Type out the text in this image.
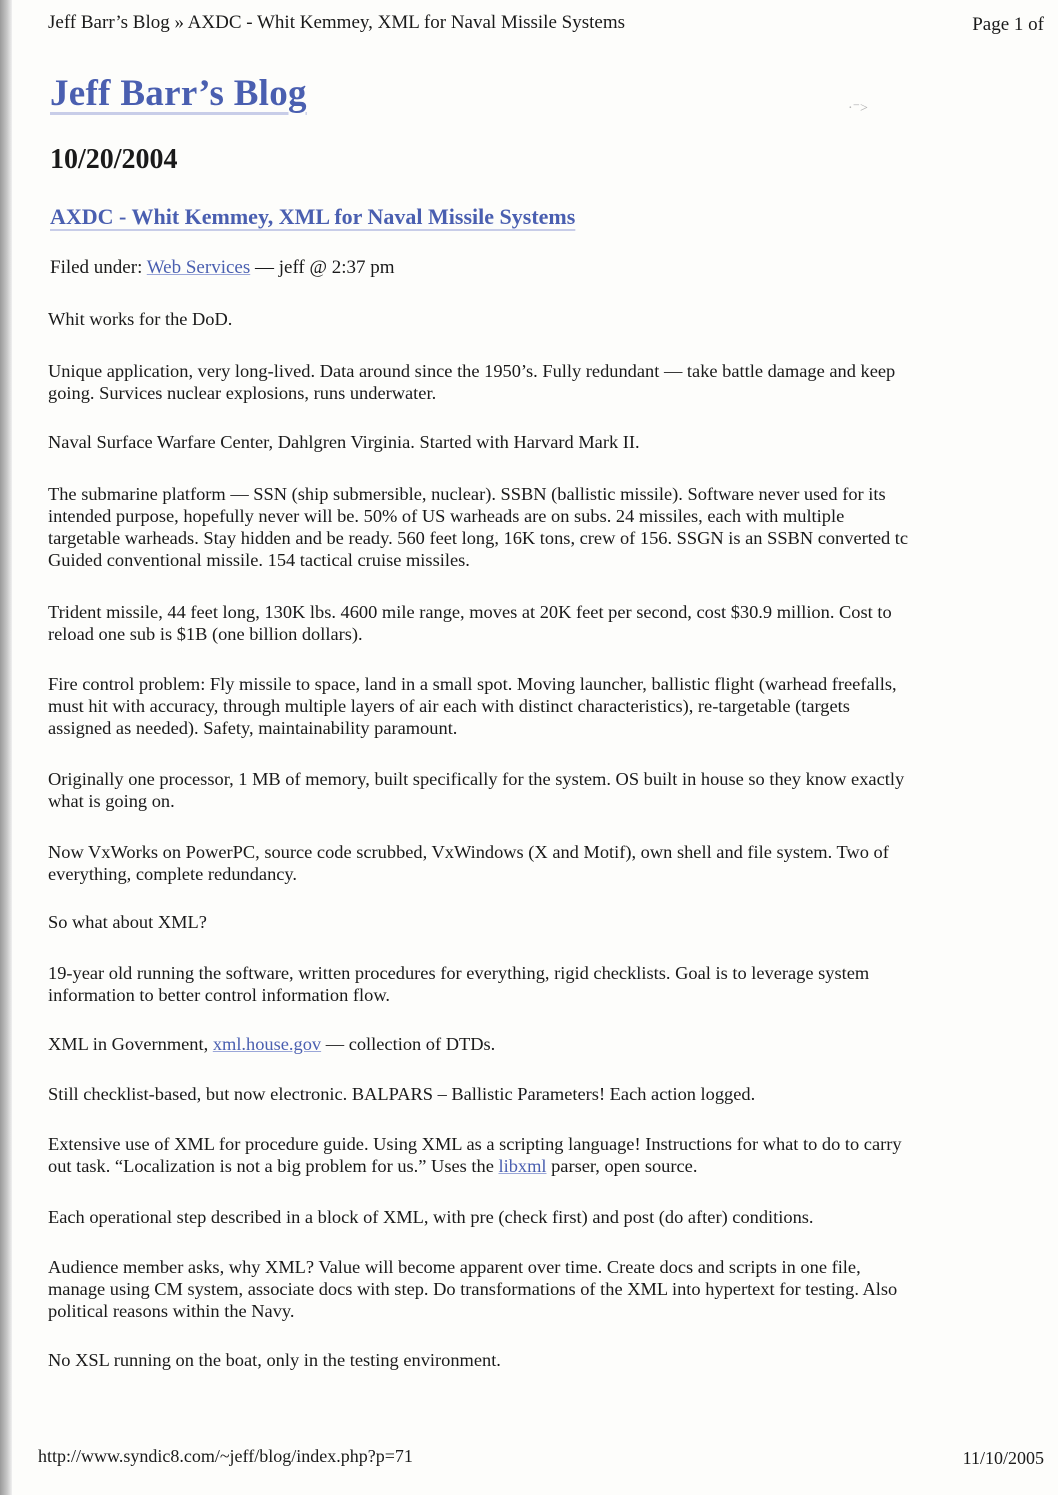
Jeff Barr’s Blog » AXDC - Whit Kemmey, XML for Naval Missile Systems	Page 1 of
Jeff Barr’s Blog	·⁻>
10/20/2004
AXDC - Whit Kemmey, XML for Naval Missile Systems
Filed under: Web Services — jeff @ 2:37 pm

Whit works for the DoD.

Unique application, very long-lived. Data around since the 1950’s. Fully redundant — take battle damage and keep
going. Survices nuclear explosions, runs underwater.

Naval Surface Warfare Center, Dahlgren Virginia. Started with Harvard Mark II.

The submarine platform — SSN (ship submersible, nuclear). SSBN (ballistic missile). Software never used for its
intended purpose, hopefully never will be. 50% of US warheads are on subs. 24 missiles, each with multiple
targetable warheads. Stay hidden and be ready. 560 feet long, 16K tons, crew of 156. SSGN is an SSBN converted tc
Guided conventional missile. 154 tactical cruise missiles.

Trident missile, 44 feet long, 130K lbs. 4600 mile range, moves at 20K feet per second, cost $30.9 million. Cost to
reload one sub is $1B (one billion dollars).

Fire control problem: Fly missile to space, land in a small spot. Moving launcher, ballistic flight (warhead freefalls,
must hit with accuracy, through multiple layers of air each with distinct characteristics), re-targetable (targets
assigned as needed). Safety, maintainability paramount.

Originally one processor, 1 MB of memory, built specifically for the system. OS built in house so they know exactly
what is going on.

Now VxWorks on PowerPC, source code scrubbed, VxWindows (X and Motif), own shell and file system. Two of
everything, complete redundancy.

So what about XML?

19-year old running the software, written procedures for everything, rigid checklists. Goal is to leverage system
information to better control information flow.

XML in Government, xml.house.gov — collection of DTDs.

Still checklist-based, but now electronic. BALPARS – Ballistic Parameters! Each action logged.

Extensive use of XML for procedure guide. Using XML as a scripting language! Instructions for what to do to carry
out task. “Localization is not a big problem for us.” Uses the libxml parser, open source.

Each operational step described in a block of XML, with pre (check first) and post (do after) conditions.

Audience member asks, why XML? Value will become apparent over time. Create docs and scripts in one file,
manage using CM system, associate docs with step. Do transformations of the XML into hypertext for testing. Also
political reasons within the Navy.

No XSL running on the boat, only in the testing environment.

http://www.syndic8.com/~jeff/blog/index.php?p=71	11/10/2005
